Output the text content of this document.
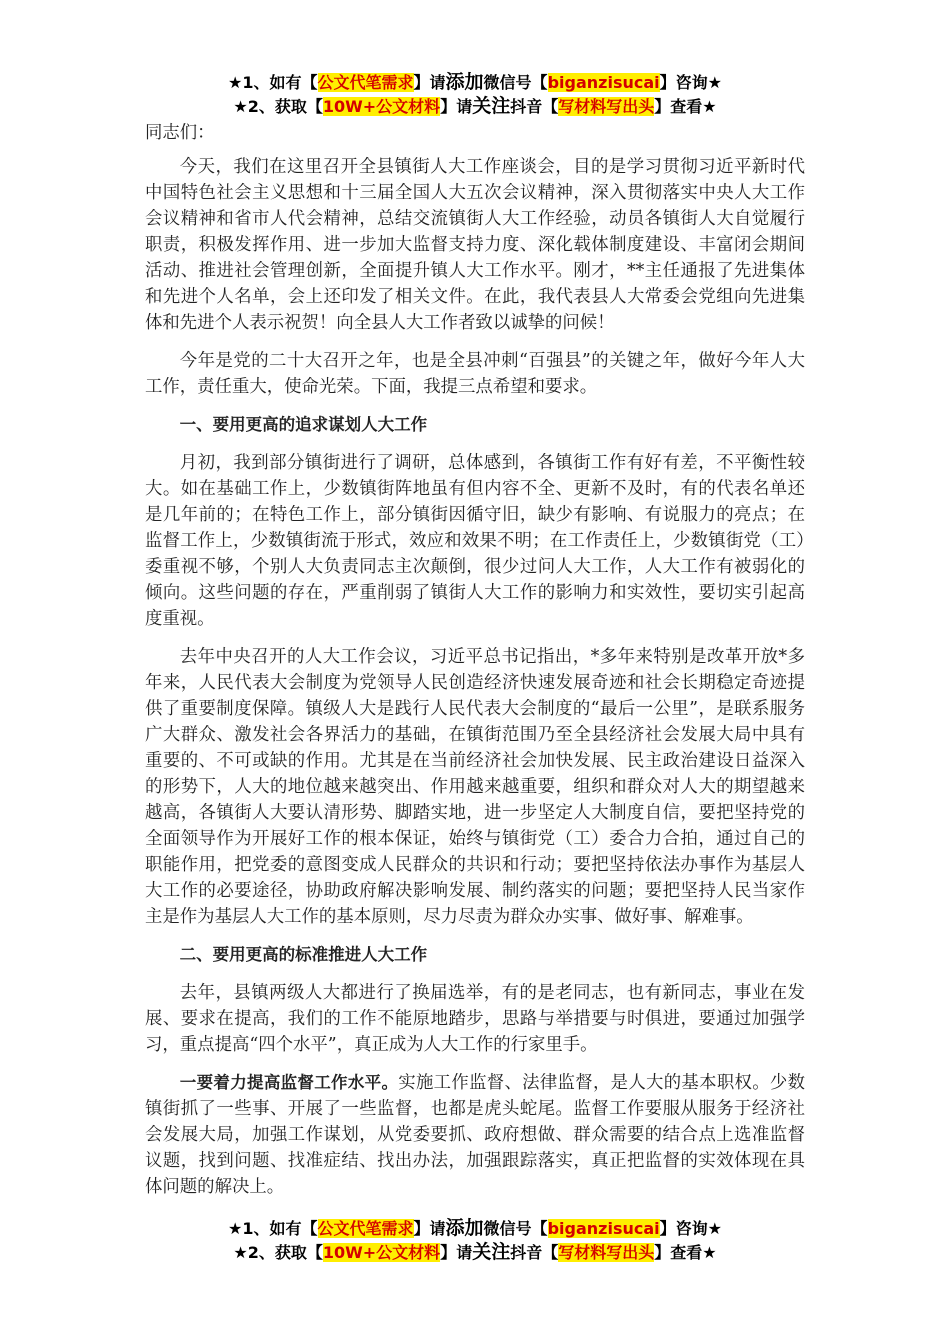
★1、如有【公文代笔需求】请添加微信号【biganzisucai】咨询★
★2、获取【10W+公文材料】请关注抖音【写材料写出头】查看★

同志们：

今天，我们在这里召开全县镇街人大工作座谈会，目的是学习贯彻习近平新时代中国特色社会主义思想和十三届全国人大五次会议精神，深入贯彻落实中央人大工作会议精神和省市人代会精神，总结交流镇街人大工作经验，动员各镇街人大自觉履行职责，积极发挥作用、进一步加大监督支持力度、深化载体制度建设、丰富闭会期间活动、推进社会管理创新，全面提升镇人大工作水平。刚才，**主任通报了先进集体和先进个人名单，会上还印发了相关文件。在此，我代表县人大常委会党组向先进集体和先进个人表示祝贺！向全县人大工作者致以诚挚的问候！

今年是党的二十大召开之年，也是全县冲刺“百强县”的关键之年，做好今年人大工作，责任重大，使命光荣。下面，我提三点希望和要求。

一、要用更高的追求谋划人大工作

月初，我到部分镇街进行了调研，总体感到，各镇街工作有好有差，不平衡性较大。如在基础工作上，少数镇街阵地虽有但内容不全、更新不及时，有的代表名单还是几年前的；在特色工作上，部分镇街因循守旧，缺少有影响、有说服力的亮点；在监督工作上，少数镇街流于形式，效应和效果不明；在工作责任上，少数镇街党（工）委重视不够，个别人大负责同志主次颠倒，很少过问人大工作，人大工作有被弱化的倾向。这些问题的存在，严重削弱了镇街人大工作的影响力和实效性，要切实引起高度重视。

去年中央召开的人大工作会议，习近平总书记指出，*多年来特别是改革开放*多年来，人民代表大会制度为党领导人民创造经济快速发展奇迹和社会长期稳定奇迹提供了重要制度保障。镇级人大是践行人民代表大会制度的“最后一公里”，是联系服务广大群众、激发社会各界活力的基础，在镇街范围乃至全县经济社会发展大局中具有重要的、不可或缺的作用。尤其是在当前经济社会加快发展、民主政治建设日益深入的形势下，人大的地位越来越突出、作用越来越重要，组织和群众对人大的期望越来越高，各镇街人大要认清形势、脚踏实地，进一步坚定人大制度自信，要把坚持党的全面领导作为开展好工作的根本保证，始终与镇街党（工）委合力合拍，通过自己的职能作用，把党委的意图变成人民群众的共识和行动；要把坚持依法办事作为基层人大工作的必要途径，协助政府解决影响发展、制约落实的问题；要把坚持人民当家作主是作为基层人大工作的基本原则，尽力尽责为群众办实事、做好事、解难事。

二、要用更高的标准推进人大工作

去年，县镇两级人大都进行了换届选举，有的是老同志，也有新同志，事业在发展、要求在提高，我们的工作不能原地踏步，思路与举措要与时俱进，要通过加强学习，重点提高“四个水平”，真正成为人大工作的行家里手。

一要着力提高监督工作水平。实施工作监督、法律监督，是人大的基本职权。少数镇街抓了一些事、开展了一些监督，也都是虎头蛇尾。监督工作要服从服务于经济社会发展大局，加强工作谋划，从党委要抓、政府想做、群众需要的结合点上选准监督议题，找到问题、找准症结、找出办法，加强跟踪落实，真正把监督的实效体现在具体问题的解决上。

★1、如有【公文代笔需求】请添加微信号【biganzisucai】咨询★
★2、获取【10W+公文材料】请关注抖音【写材料写出头】查看★
